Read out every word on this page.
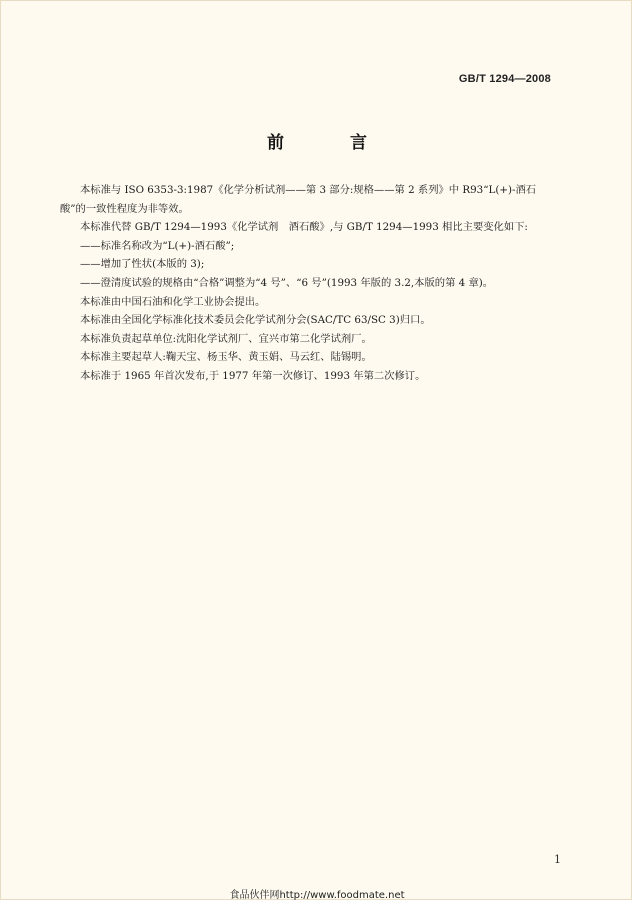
GB/T 1294—2008
前 言

本标准与 ISO 6353-3:1987《化学分析试剂——第 3 部分:规格——第 2 系列》中 R93“L(+)-酒石

酸”的一致性程度为非等效。

本标准代替 GB/T 1294—1993《化学试剂　酒石酸》,与 GB/T 1294—1993 相比主要变化如下:

——标准名称改为“L(+)-酒石酸”;

——增加了性状(本版的 3);

——澄清度试验的规格由“合格”调整为“4 号”、“6 号”(1993 年版的 3.2,本版的第 4 章)。

本标准由中国石油和化学工业协会提出。

本标准由全国化学标准化技术委员会化学试剂分会(SAC/TC 63/SC 3)归口。

本标准负责起草单位:沈阳化学试剂厂、宜兴市第二化学试剂厂。

本标准主要起草人:鞠天宝、杨玉华、黄玉娟、马云红、陆锡明。

本标准于 1965 年首次发布,于 1977 年第一次修订、1993 年第二次修订。

1
食品伙伴网http://www.foodmate.net
